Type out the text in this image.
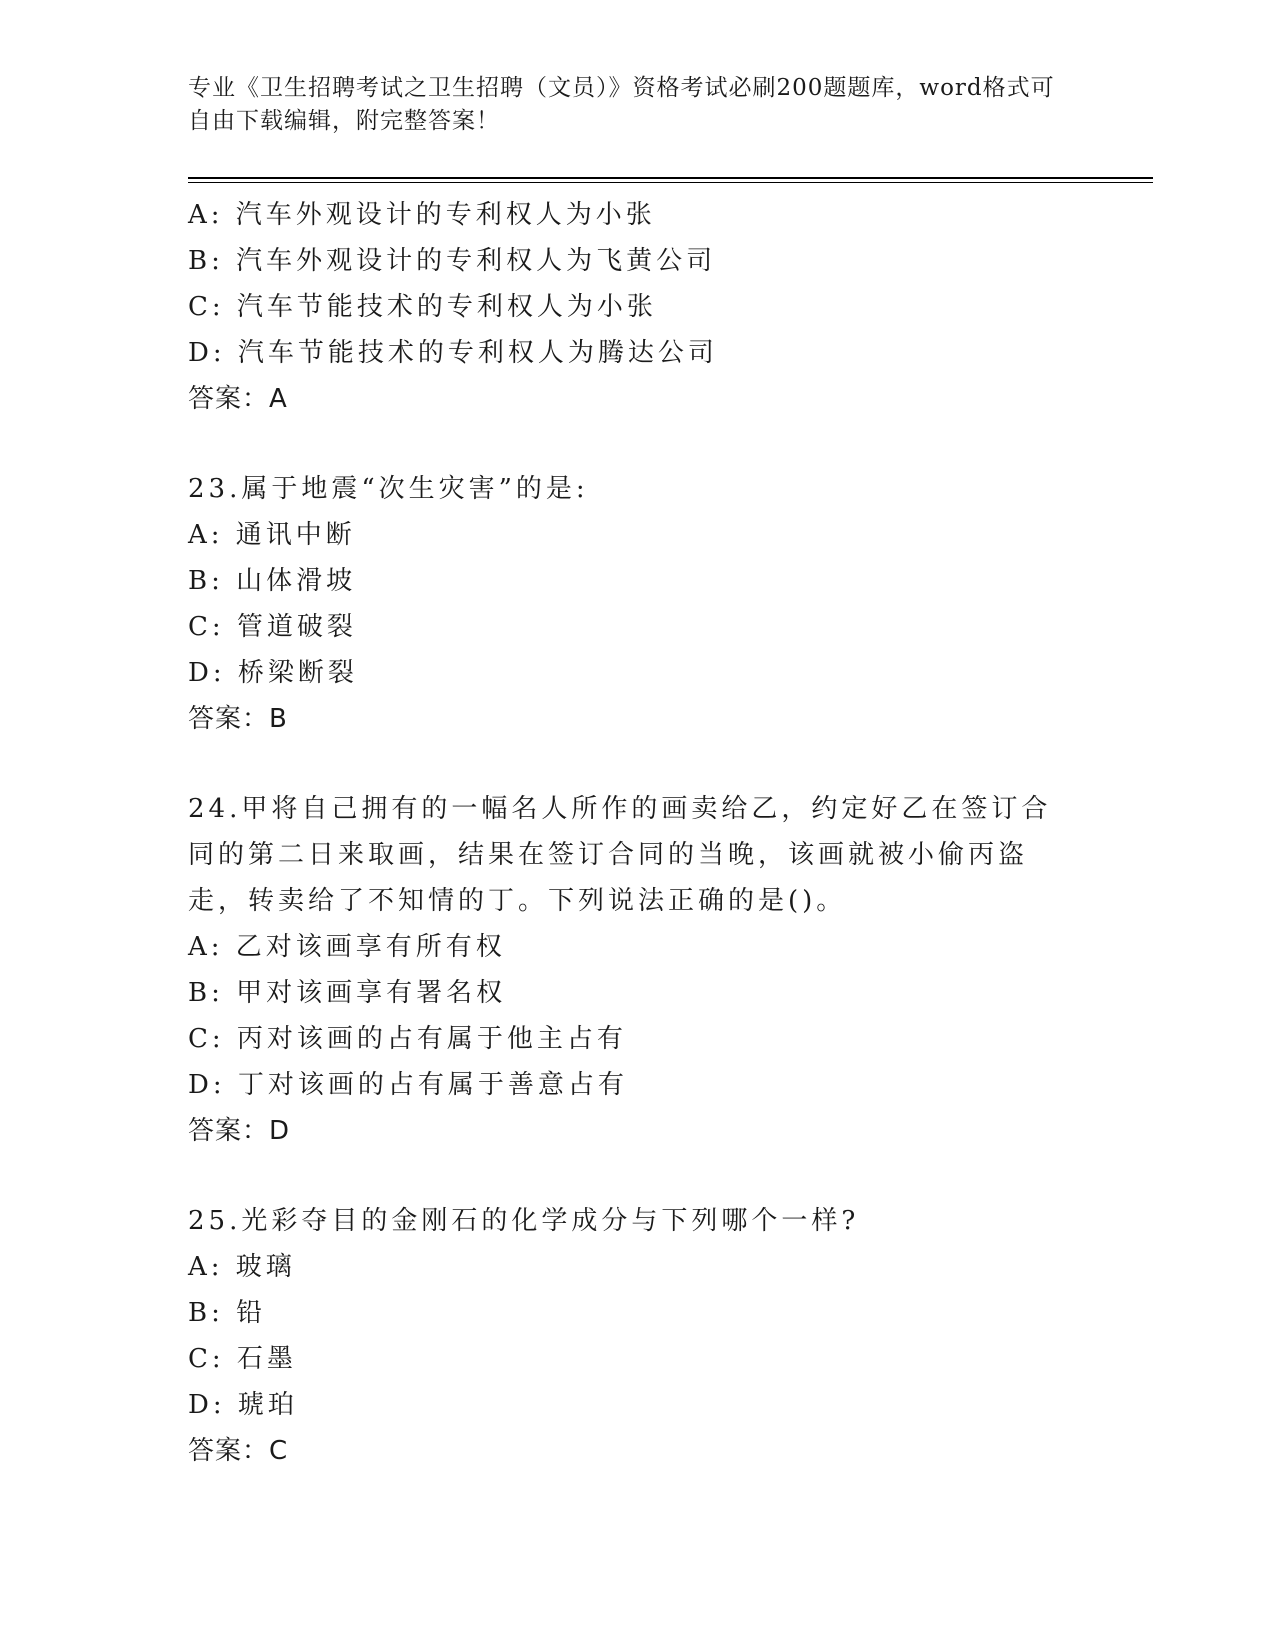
专业《卫生招聘考试之卫生招聘（文员）》资格考试必刷200题题库，word格式可自由下载编辑，附完整答案！
A: 汽车外观设计的专利权人为小张
B: 汽车外观设计的专利权人为飞黄公司
C: 汽车节能技术的专利权人为小张
D: 汽车节能技术的专利权人为腾达公司
答案：A
23.属于地震“次生灾害”的是:
A: 通讯中断
B: 山体滑坡
C: 管道破裂
D: 桥梁断裂
答案：B
24.甲将自己拥有的一幅名人所作的画卖给乙，约定好乙在签订合同的第二日来取画，结果在签订合同的当晚，该画就被小偷丙盗走，转卖给了不知情的丁。下列说法正确的是()。
A: 乙对该画享有所有权
B: 甲对该画享有署名权
C: 丙对该画的占有属于他主占有
D: 丁对该画的占有属于善意占有
答案：D
25.光彩夺目的金刚石的化学成分与下列哪个一样?
A: 玻璃
B: 铅
C: 石墨
D: 琥珀
答案：C
